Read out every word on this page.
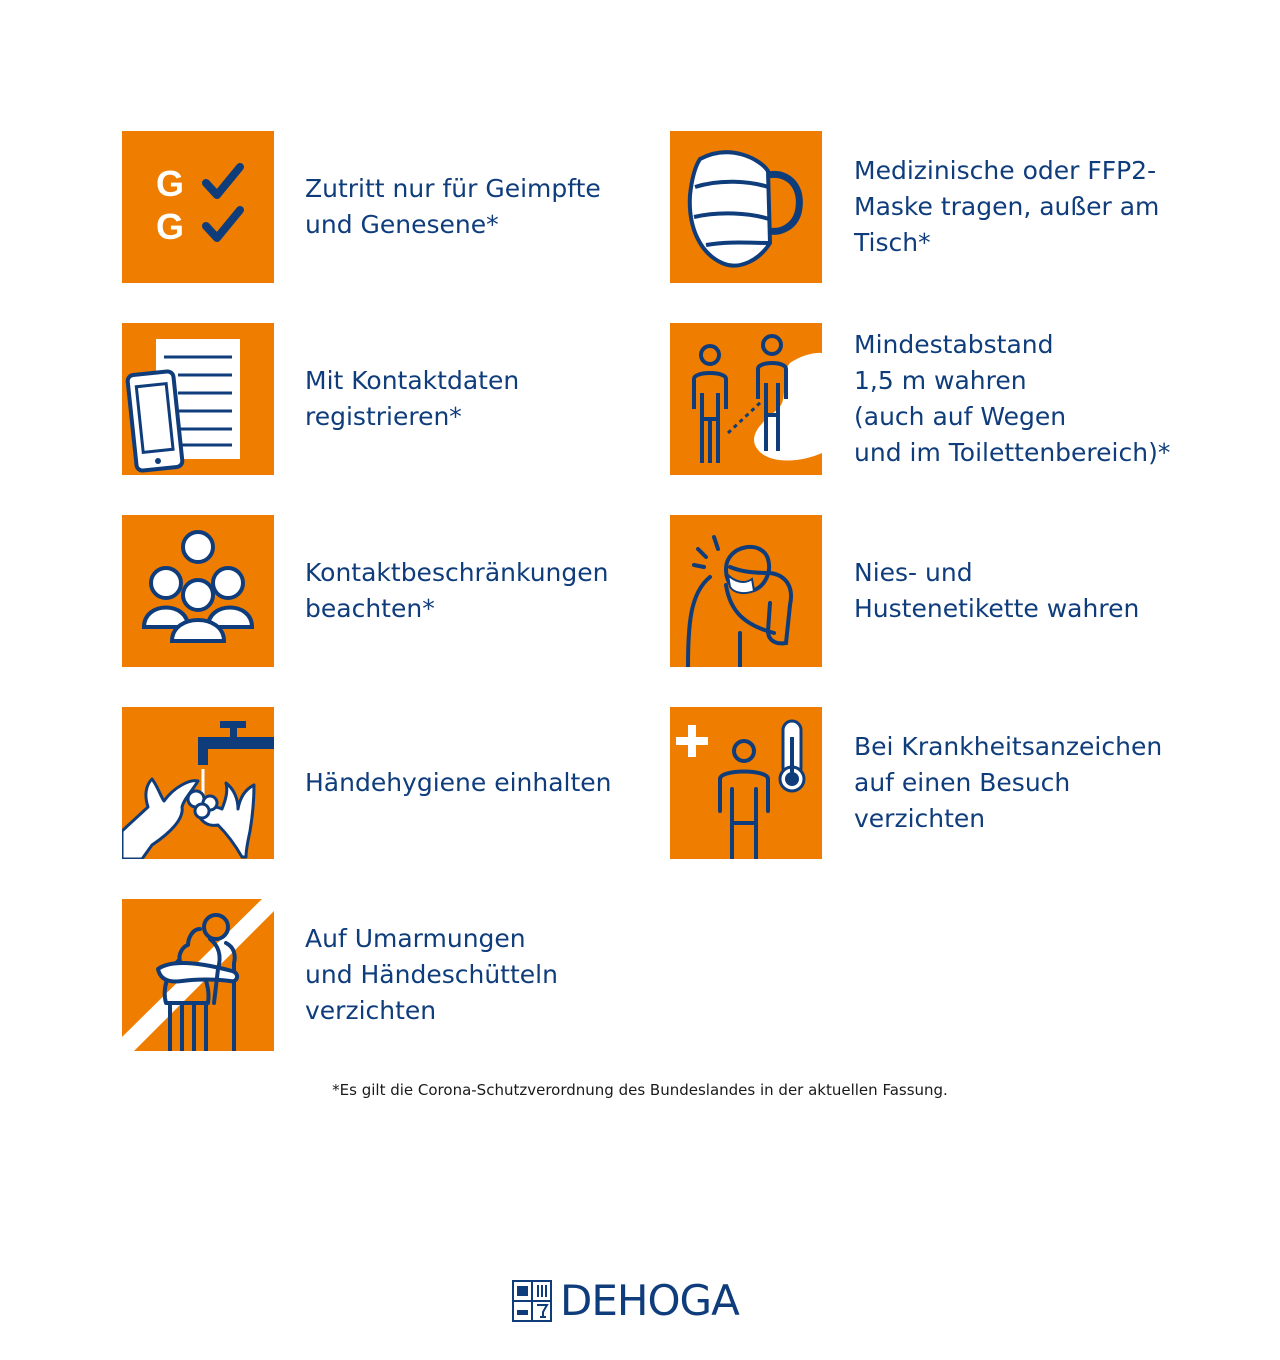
G
G
Zutritt nur für Geimpfte
und Genesene*
Medizinische oder FFP2-
Maske tragen, außer am
Tisch*
Mit Kontaktdaten
registrieren*
Mindestabstand
1,5 m wahren
(auch auf Wegen
und im Toilettenbereich)*
Kontaktbeschränkungen
beachten*
Nies- und
Hustenetikette wahren
Händehygiene einhalten
Bei Krankheitsanzeichen
auf einen Besuch
verzichten
Auf Umarmungen
und Händeschütteln
verzichten
*Es gilt die Corona-Schutzverordnung des Bundeslandes in der aktuellen Fassung.
DEHOGA
